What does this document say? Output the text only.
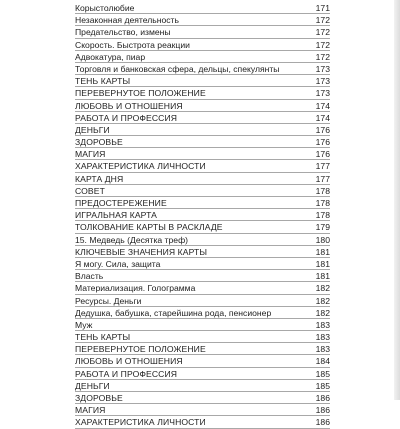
Корыстолюбие	171
Незаконная деятельность	172
Предательство, измены	172
Скорость. Быстрота реакции	172
Адвокатура, пиар	172
Торговля и банковская сфера, дельцы, спекулянты	173
ТЕНЬ КАРТЫ	173
ПЕРЕВЕРНУТОЕ ПОЛОЖЕНИЕ	173
ЛЮБОВЬ И ОТНОШЕНИЯ	174
РАБОТА И ПРОФЕССИЯ	174
ДЕНЬГИ	176
ЗДОРОВЬЕ	176
МАГИЯ	176
ХАРАКТЕРИСТИКА ЛИЧНОСТИ	177
КАРТА ДНЯ	177
СОВЕТ	178
ПРЕДОСТЕРЕЖЕНИЕ	178
ИГРАЛЬНАЯ КАРТА	178
ТОЛКОВАНИЕ КАРТЫ В РАСКЛАДЕ	179
15. Медведь (Десятка треф)	180
КЛЮЧЕВЫЕ ЗНАЧЕНИЯ КАРТЫ	181
Я могу. Сила, защита	181
Власть	181
Материализация. Голограмма	182
Ресурсы. Деньги	182
Дедушка, бабушка, старейшина рода, пенсионер	182
Муж	183
ТЕНЬ КАРТЫ	183
ПЕРЕВЕРНУТОЕ ПОЛОЖЕНИЕ	183
ЛЮБОВЬ И ОТНОШЕНИЯ	184
РАБОТА И ПРОФЕССИЯ	185
ДЕНЬГИ	185
ЗДОРОВЬЕ	186
МАГИЯ	186
ХАРАКТЕРИСТИКА ЛИЧНОСТИ	186
